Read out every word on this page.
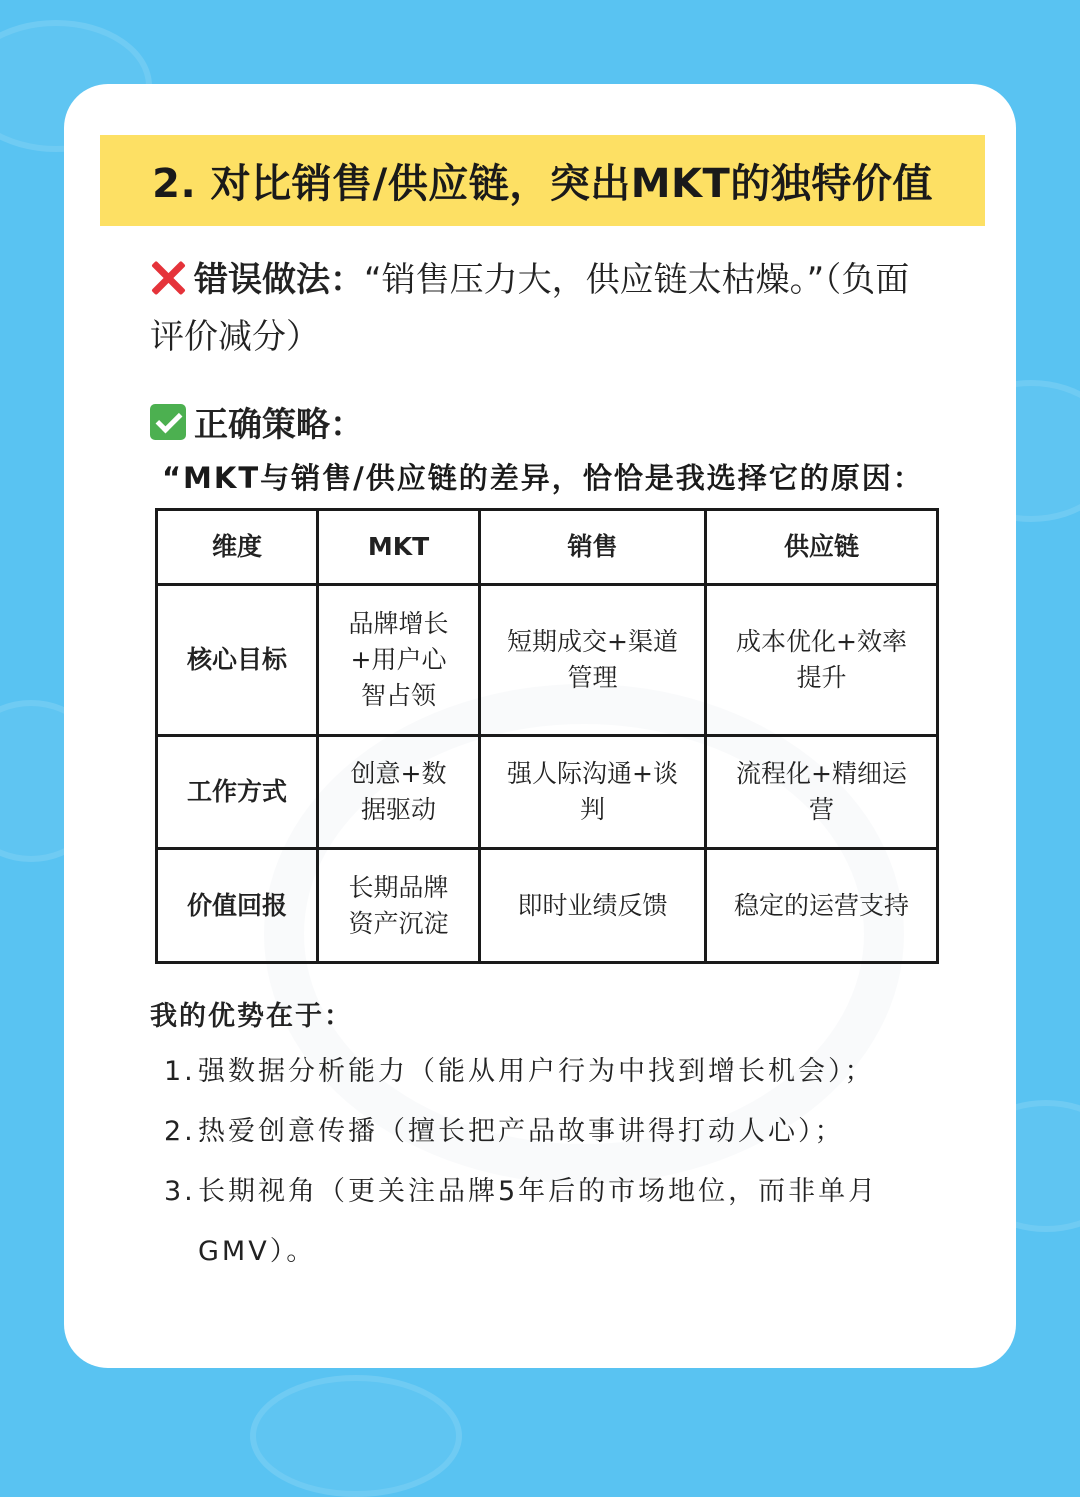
2. 对比销售/供应链，突出MKT的独特价值
错误做法：“销售压力大，供应链太枯燥。”（负面评价减分）
正确策略：
“MKT与销售/供应链的差异，恰恰是我选择它的原因：
维度	MKT	销售	供应链
核心目标	品牌增长+用户心智占领	短期成交+渠道管理	成本优化+效率提升
工作方式	创意+数据驱动	强人际沟通+谈判	流程化+精细运营
价值回报	长期品牌资产沉淀	即时业绩反馈	稳定的运营支持
我的优势在于：
1. 强数据分析能力（能从用户行为中找到增长机会）；
2. 热爱创意传播（擅长把产品故事讲得打动人心）；
3. 长期视角（更关注品牌5年后的市场地位，而非单月GMV）。
